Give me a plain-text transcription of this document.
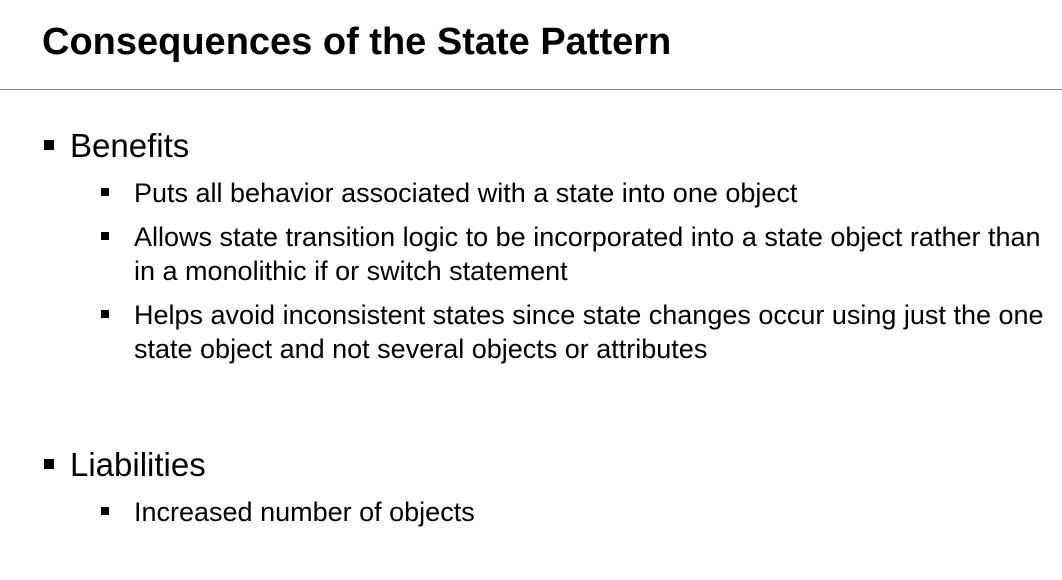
Consequences of the State Pattern
Benefits
Puts all behavior associated with a state into one object
Allows state transition logic to be incorporated into a state object rather than in a monolithic if or switch statement
Helps avoid inconsistent states since state changes occur using just the one state object and not several objects or attributes
Liabilities
Increased number of objects
